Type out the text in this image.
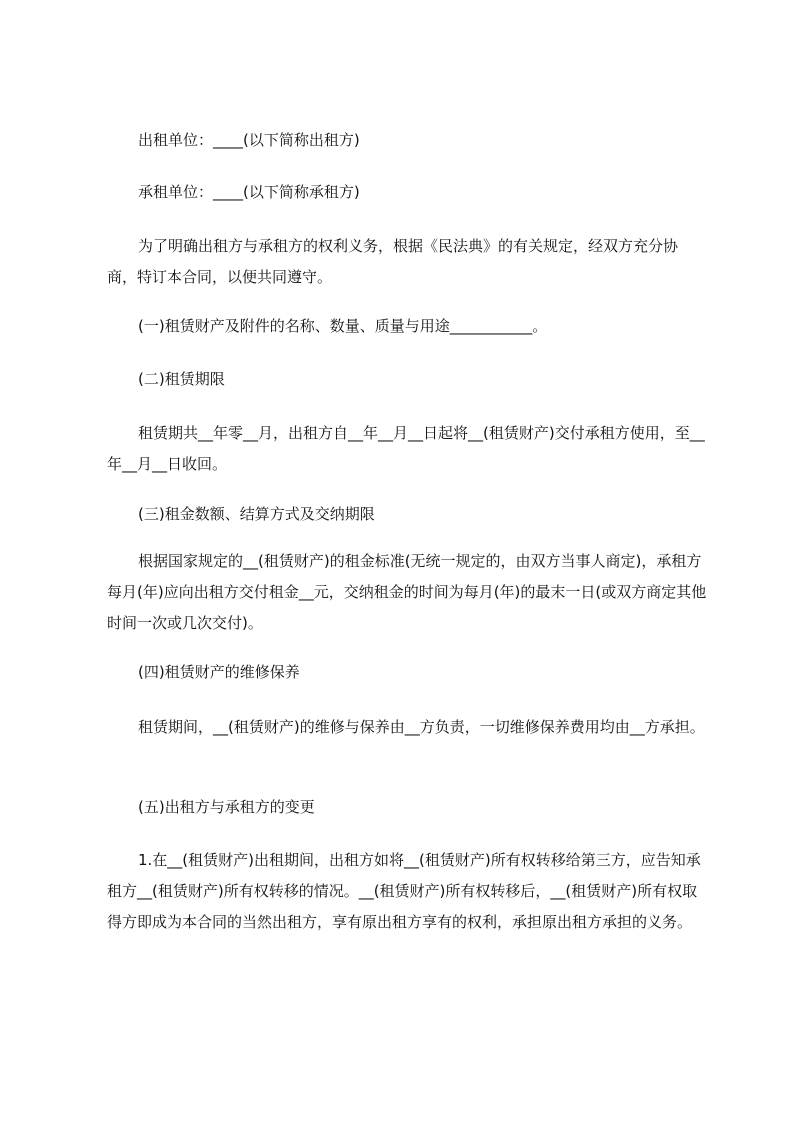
出租单位：____(以下简称出租方)

承租单位：____(以下简称承租方)

为了明确出租方与承租方的权利义务，根据《民法典》的有关规定，经双方充分协商，特订本合同，以便共同遵守。

(一)租赁财产及附件的名称、数量、质量与用途___________。

(二)租赁期限

租赁期共__年零__月，出租方自__年__月__日起将__(租赁财产)交付承租方使用，至__年__月__日收回。

(三)租金数额、结算方式及交纳期限

根据国家规定的__(租赁财产)的租金标准(无统一规定的，由双方当事人商定)，承租方每月(年)应向出租方交付租金__元，交纳租金的时间为每月(年)的最末一日(或双方商定其他时间一次或几次交付)。

(四)租赁财产的维修保养

租赁期间，__(租赁财产)的维修与保养由__方负责，一切维修保养费用均由__方承担。

(五)出租方与承租方的变更

1.在__(租赁财产)出租期间，出租方如将__(租赁财产)所有权转移给第三方，应告知承租方__(租赁财产)所有权转移的情况。__(租赁财产)所有权转移后，__(租赁财产)所有权取得方即成为本合同的当然出租方，享有原出租方享有的权利，承担原出租方承担的义务。
